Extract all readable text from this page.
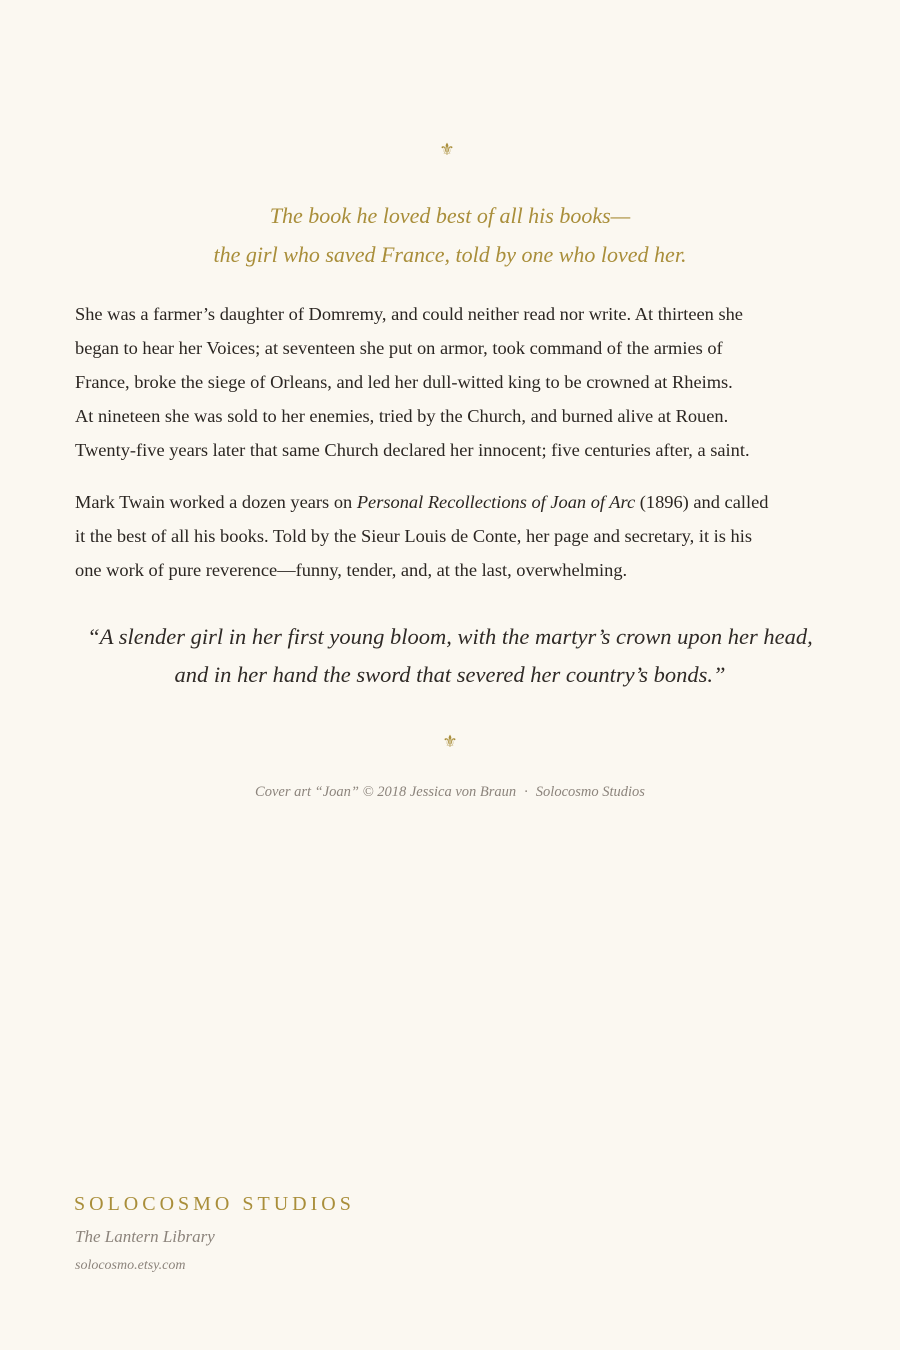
⚜
The book he loved best of all his books—
the girl who saved France, told by one who loved her.
She was a farmer’s daughter of Domremy, and could neither read nor write. At thirteen she
began to hear her Voices; at seventeen she put on armor, took command of the armies of
France, broke the siege of Orleans, and led her dull-witted king to be crowned at Rheims.
At nineteen she was sold to her enemies, tried by the Church, and burned alive at Rouen.
Twenty-five years later that same Church declared her innocent; five centuries after, a saint.
Mark Twain worked a dozen years on Personal Recollections of Joan of Arc (1896) and called
it the best of all his books. Told by the Sieur Louis de Conte, her page and secretary, it is his
one work of pure reverence—funny, tender, and, at the last, overwhelming.
“A slender girl in her first young bloom, with the martyr’s crown upon her head,
and in her hand the sword that severed her country’s bonds.”
⚜
Cover art “Joan” © 2018 Jessica von Braun · Solocosmo Studios
SOLOCOSMO STUDIOS
The Lantern Library
solocosmo.etsy.com
